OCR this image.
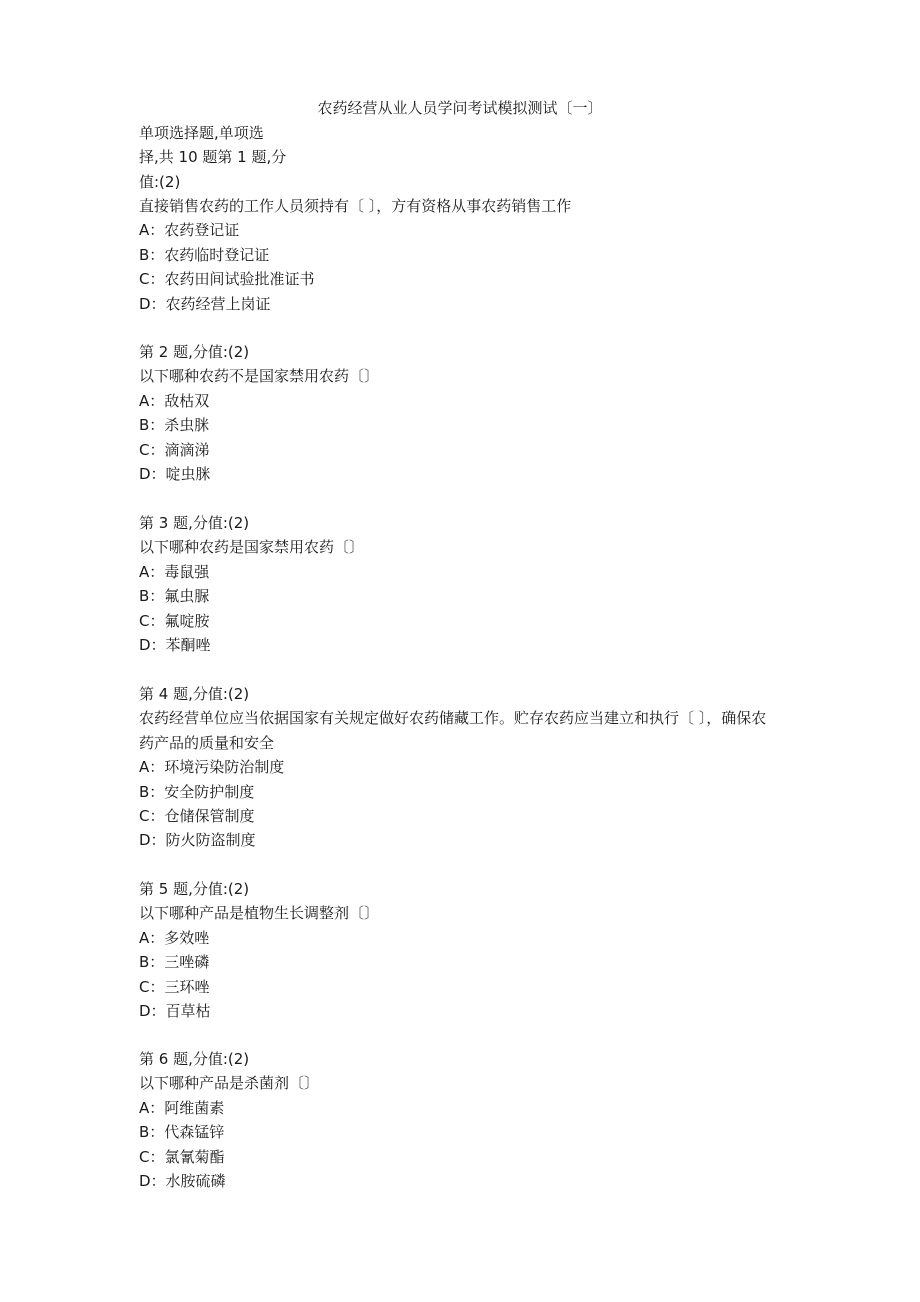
农药经营从业人员学问考试模拟测试〔一〕
单项选择题,单项选
择,共 10 题第 1 题,分
值:(2)
直接销售农药的工作人员须持有〔 〕，方有资格从事农药销售工作
A：农药登记证
B：农药临时登记证
C：农药田间试验批准证书
D：农药经营上岗证
第 2 题,分值:(2)
以下哪种农药不是国家禁用农药〔〕
A：敌枯双
B：杀虫脒
C：滴滴涕
D：啶虫脒
第 3 题,分值:(2)
以下哪种农药是国家禁用农药〔〕
A：毒鼠强
B：氟虫脲
C：氟啶胺
D：苯酮唑
第 4 题,分值:(2)
农药经营单位应当依据国家有关规定做好农药储藏工作。贮存农药应当建立和执行〔 〕，确保农药产品的质量和安全
A：环境污染防治制度
B：安全防护制度
C：仓储保管制度
D：防火防盗制度
第 5 题,分值:(2)
以下哪种产品是植物生长调整剂〔〕
A：多效唑
B：三唑磷
C：三环唑
D：百草枯
第 6 题,分值:(2)
以下哪种产品是杀菌剂〔〕
A：阿维菌素
B：代森锰锌
C：氯氰菊酯
D：水胺硫磷
